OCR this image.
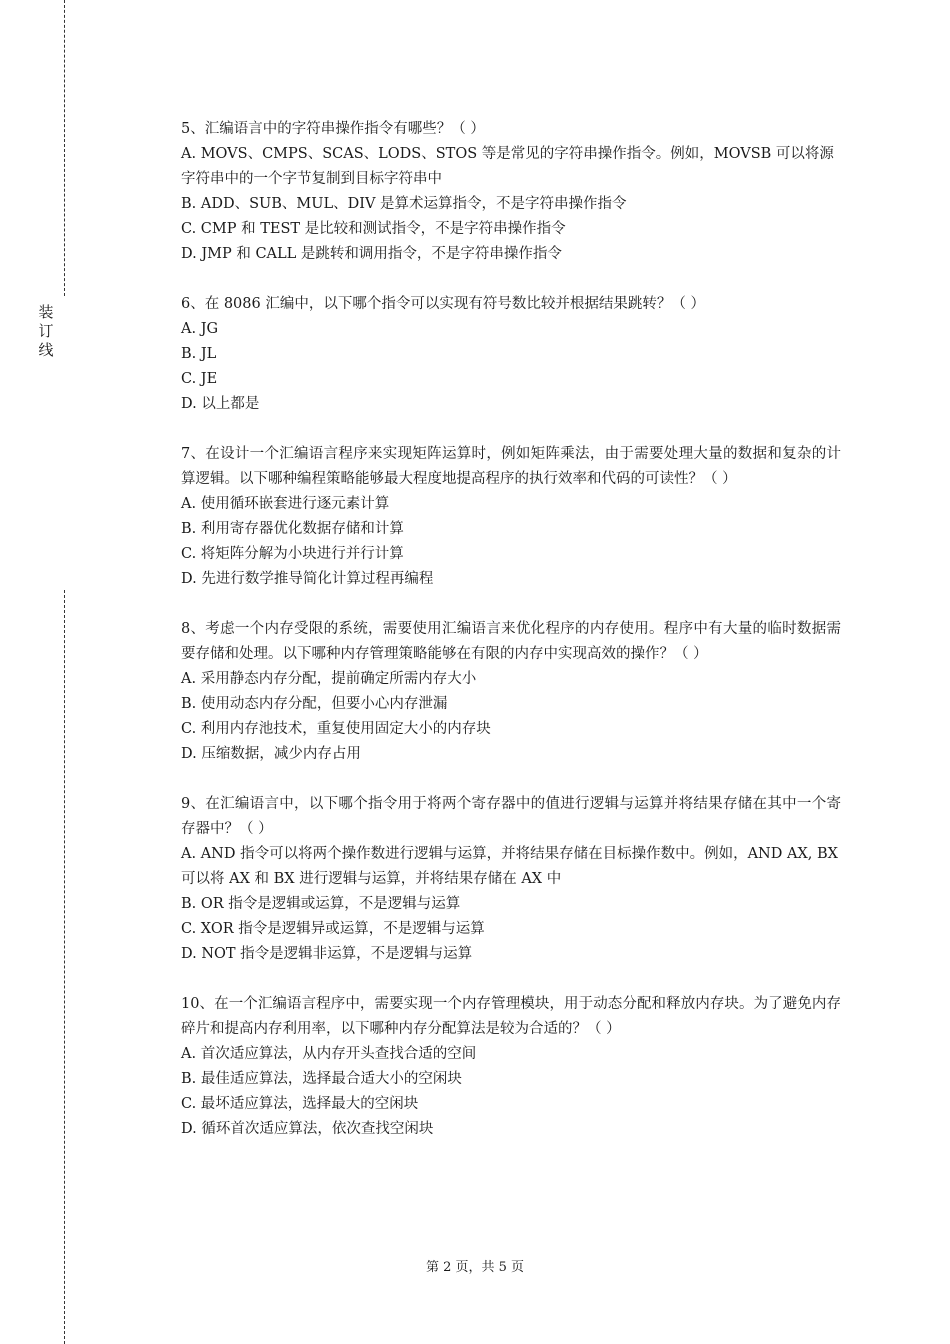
装
订
线

5、汇编语言中的字符串操作指令有哪些？（ ）

A. MOVS、CMPS、SCAS、LODS、STOS 等是常见的字符串操作指令。例如，MOVSB 可以将源字符串中的一个字节复制到目标字符串中

B. ADD、SUB、MUL、DIV 是算术运算指令，不是字符串操作指令

C. CMP 和 TEST 是比较和测试指令，不是字符串操作指令

D. JMP 和 CALL 是跳转和调用指令，不是字符串操作指令

6、在 8086 汇编中，以下哪个指令可以实现有符号数比较并根据结果跳转？（ ）

A. JG

B. JL

C. JE

D. 以上都是

7、在设计一个汇编语言程序来实现矩阵运算时，例如矩阵乘法，由于需要处理大量的数据和复杂的计算逻辑。以下哪种编程策略能够最大程度地提高程序的执行效率和代码的可读性？（ ）

A. 使用循环嵌套进行逐元素计算

B. 利用寄存器优化数据存储和计算

C. 将矩阵分解为小块进行并行计算

D. 先进行数学推导简化计算过程再编程

8、考虑一个内存受限的系统，需要使用汇编语言来优化程序的内存使用。程序中有大量的临时数据需要存储和处理。以下哪种内存管理策略能够在有限的内存中实现高效的操作？（ ）

A. 采用静态内存分配，提前确定所需内存大小

B. 使用动态内存分配，但要小心内存泄漏

C. 利用内存池技术，重复使用固定大小的内存块

D. 压缩数据，减少内存占用

9、在汇编语言中，以下哪个指令用于将两个寄存器中的值进行逻辑与运算并将结果存储在其中一个寄存器中？（ ）

A. AND 指令可以将两个操作数进行逻辑与运算，并将结果存储在目标操作数中。例如，AND AX, BX 可以将 AX 和 BX 进行逻辑与运算，并将结果存储在 AX 中

B. OR 指令是逻辑或运算，不是逻辑与运算

C. XOR 指令是逻辑异或运算，不是逻辑与运算

D. NOT 指令是逻辑非运算，不是逻辑与运算

10、在一个汇编语言程序中，需要实现一个内存管理模块，用于动态分配和释放内存块。为了避免内存碎片和提高内存利用率，以下哪种内存分配算法是较为合适的？（ ）

A. 首次适应算法，从内存开头查找合适的空间

B. 最佳适应算法，选择最合适大小的空闲块

C. 最坏适应算法，选择最大的空闲块

D. 循环首次适应算法，依次查找空闲块

第 2 页，共 5 页
